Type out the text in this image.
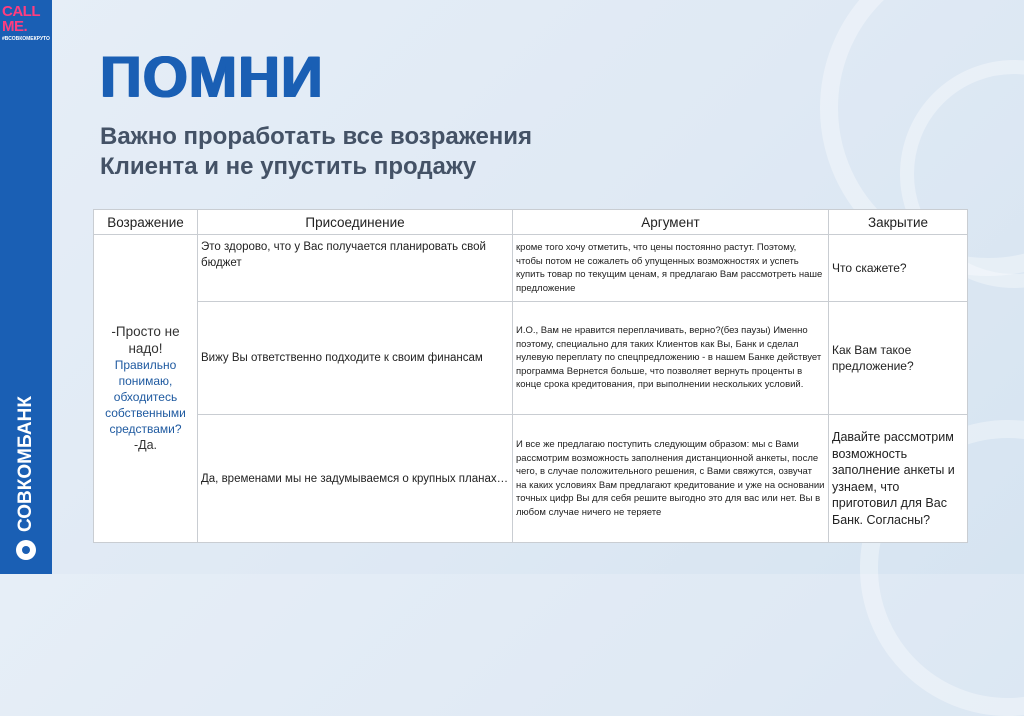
CALL
ME.
#ВСОВКОМЕКРУТО
СОВКОМБАНК
ПОМНИ
Важно проработать все возражения
Клиента и не упустить продажу
Возражение	Присоединение	Аргумент	Закрытие

-Просто не надо!
Правильно понимаю, обходитесь собственными средствами?
-Да.	Это здорово, что у Вас получается планировать свой бюджет	кроме того хочу отметить, что цены постоянно растут. Поэтому, чтобы потом не сожалеть об упущенных возможностях и успеть купить товар по текущим ценам, я предлагаю Вам рассмотреть наше предложение	Что скажете?
	Вижу Вы ответственно подходите к своим финансам	И.О., Вам не нравится переплачивать, верно?(без паузы) Именно поэтому, специально для таких Клиентов как Вы, Банк и сделал нулевую переплату по спецпредложению - в нашем Банке действует программа Вернется больше, что позволяет вернуть проценты в конце срока кредитования, при выполнении нескольких условий.	Как Вам такое предложение?
	Да, временами мы не задумываемся о крупных планах…	И все же предлагаю поступить следующим образом: мы с Вами рассмотрим возможность заполнения дистанционной анкеты, после чего, в случае положительного решения, с Вами свяжутся, озвучат на каких условиях Вам предлагают кредитование и уже на основании точных цифр Вы для себя решите выгодно это для вас или нет. Вы в любом случае ничего не теряете	Давайте рассмотрим возможность заполнение анкеты и узнаем, что приготовил для Вас Банк. Согласны?
